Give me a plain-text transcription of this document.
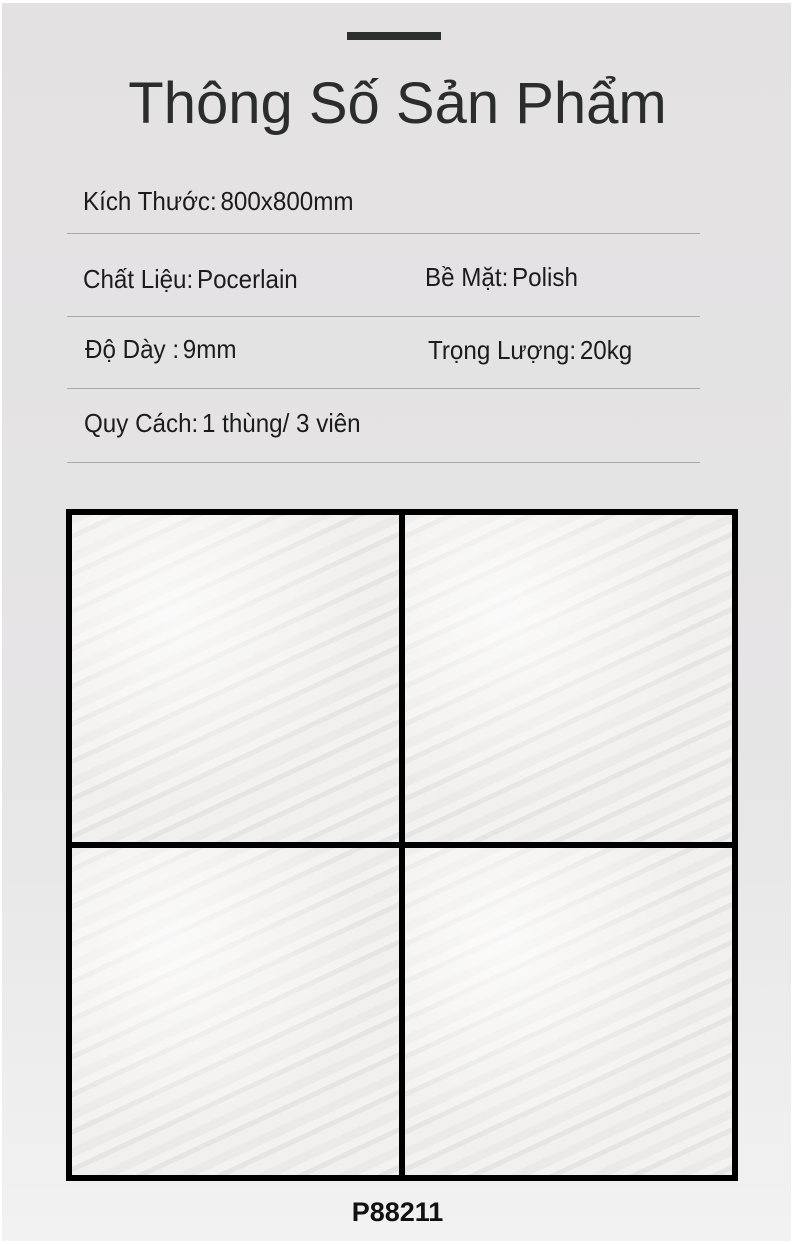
Thông Số Sản Phẩm
Kích Thước: 800x800mm
Chất Liệu: Pocerlain	Bề Mặt: Polish
Độ Dày : 9mm	Trọng Lượng: 20kg
Quy Cách: 1 thùng/ 3 viên
P88211
